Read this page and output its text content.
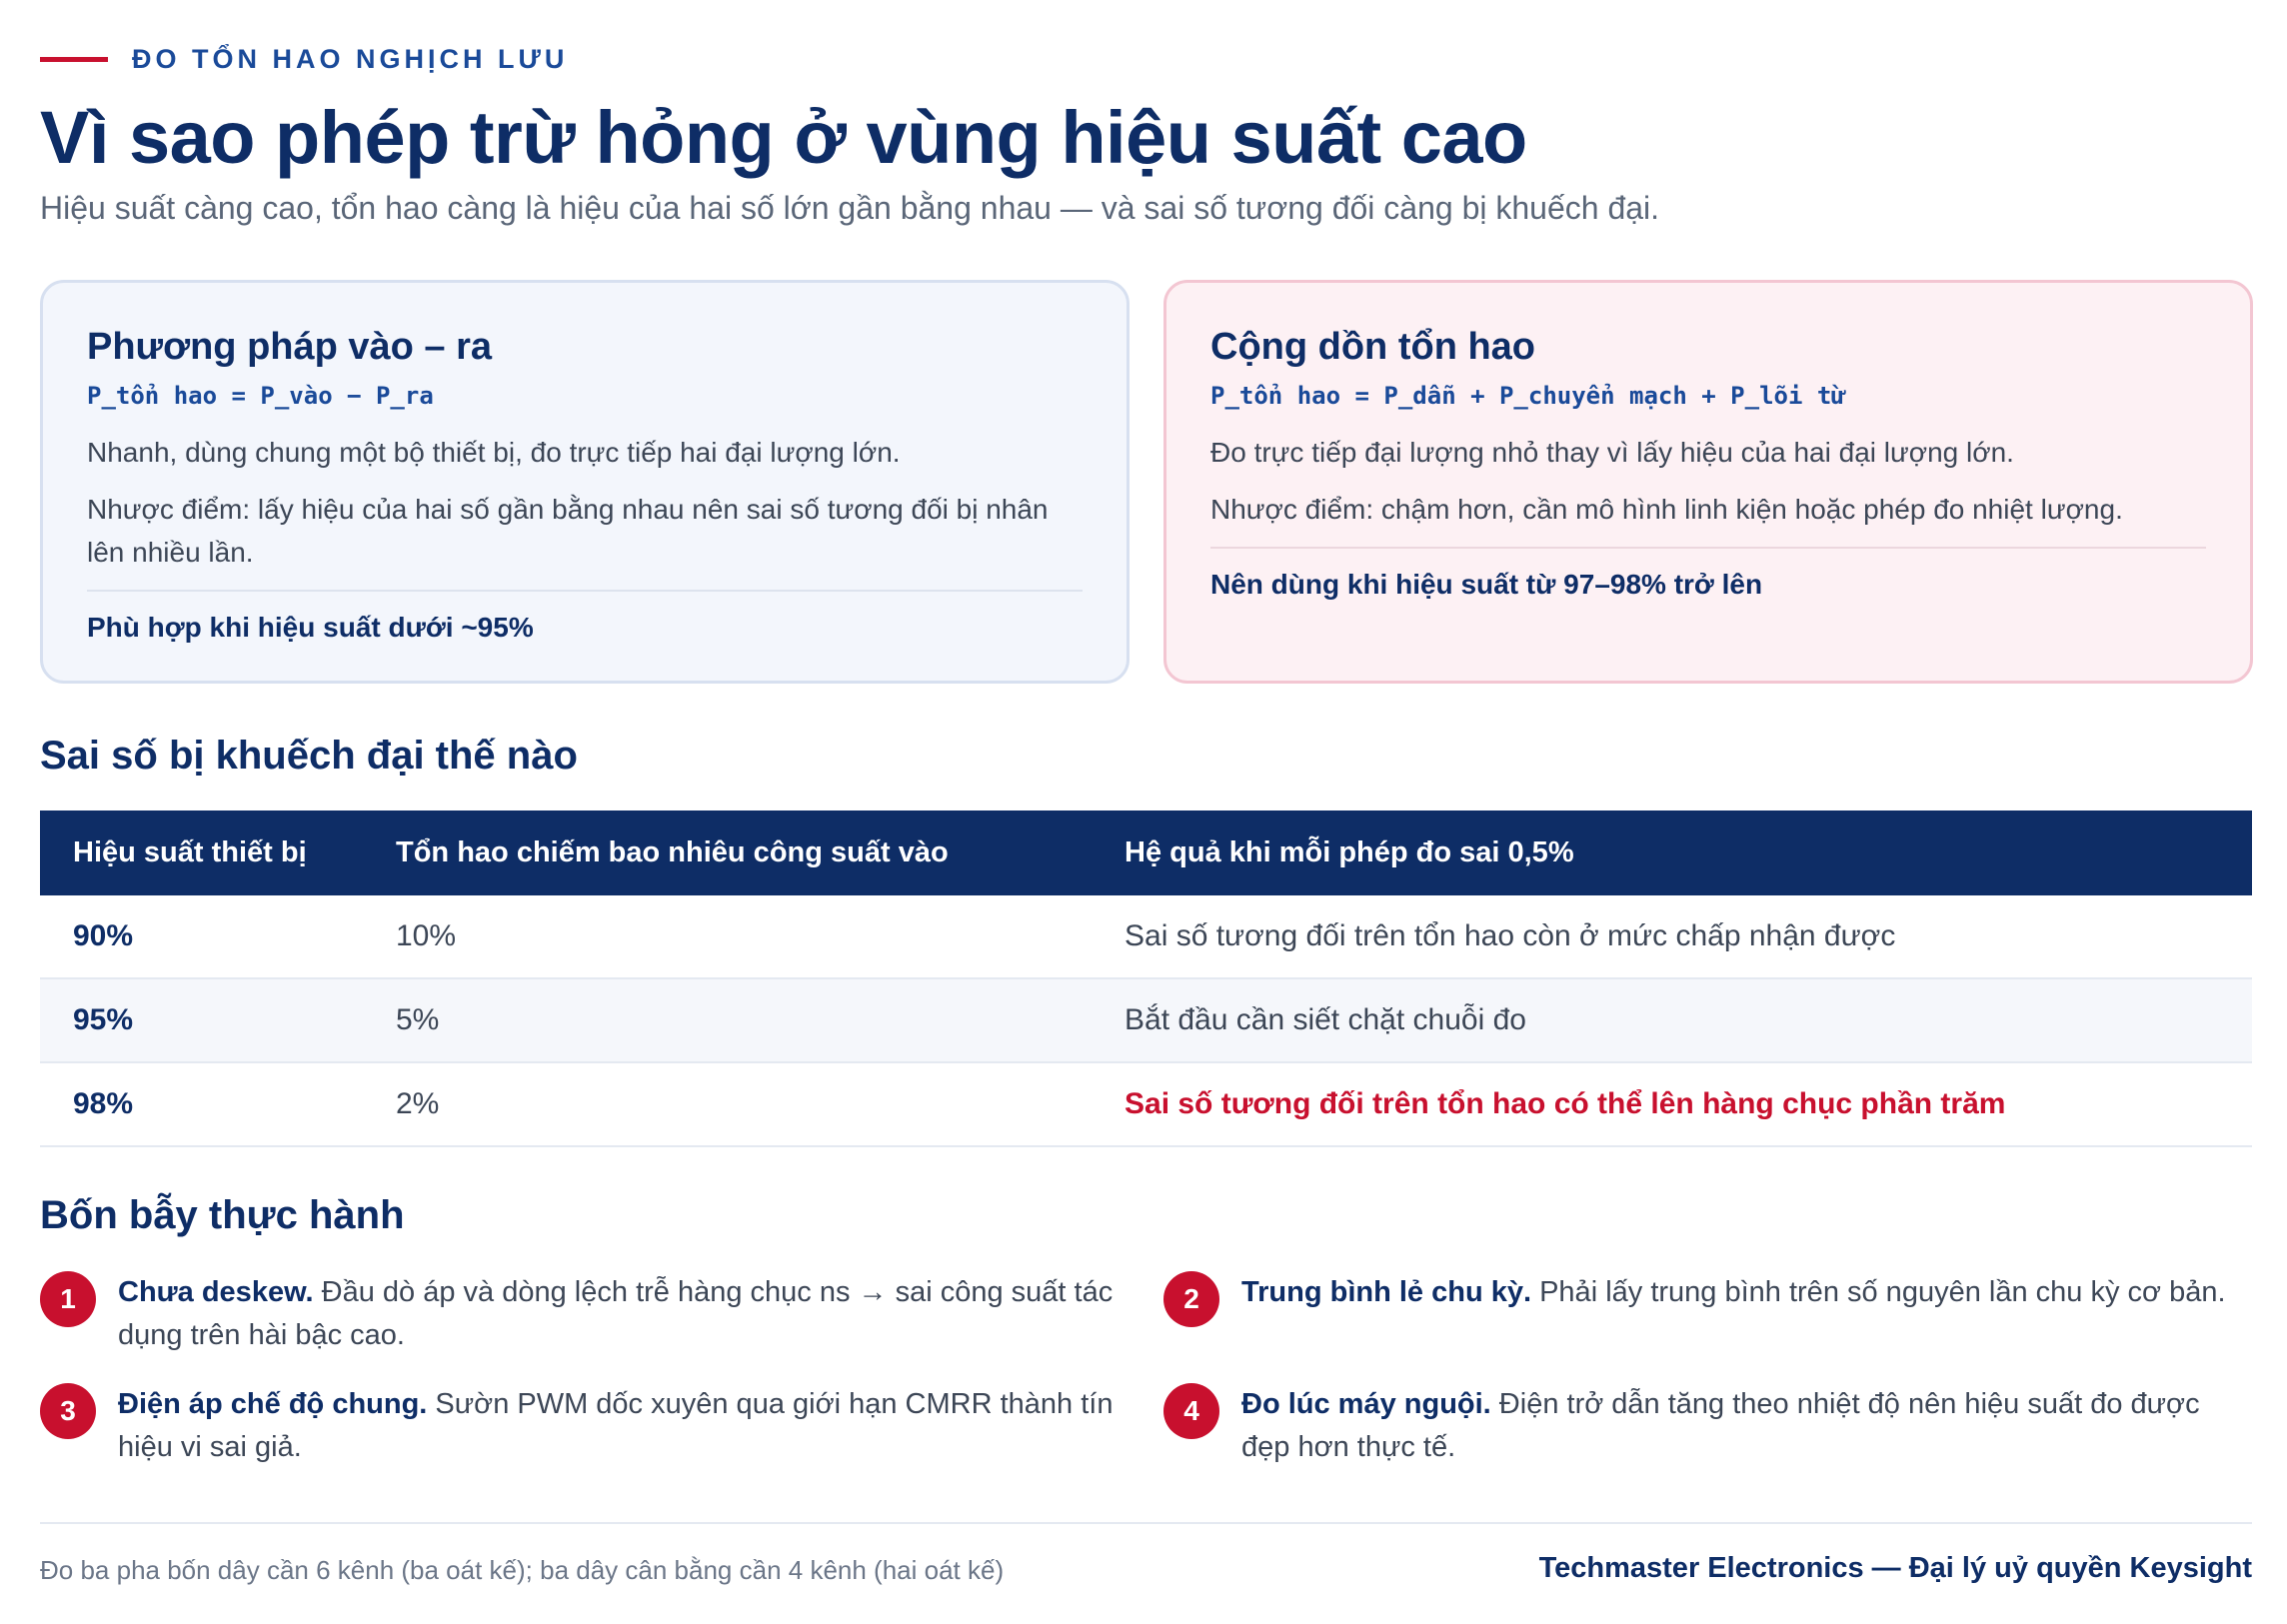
ĐO TỔN HAO NGHỊCH LƯU
Vì sao phép trừ hỏng ở vùng hiệu suất cao
Hiệu suất càng cao, tổn hao càng là hiệu của hai số lớn gần bằng nhau — và sai số tương đối càng bị khuếch đại.
Phương pháp vào – ra
P_tổn hao = P_vào − P_ra

Nhanh, dùng chung một bộ thiết bị, đo trực tiếp hai đại lượng lớn.

Nhược điểm: lấy hiệu của hai số gần bằng nhau nên sai số tương đối bị nhân lên nhiều lần.

Phù hợp khi hiệu suất dưới ~95%
Cộng dồn tổn hao
P_tổn hao = P_dẫn + P_chuyển mạch + P_lõi từ

Đo trực tiếp đại lượng nhỏ thay vì lấy hiệu của hai đại lượng lớn.

Nhược điểm: chậm hơn, cần mô hình linh kiện hoặc phép đo nhiệt lượng.

Nên dùng khi hiệu suất từ 97–98% trở lên
Sai số bị khuếch đại thế nào
Hiệu suất thiết bị	Tổn hao chiếm bao nhiêu công suất vào	Hệ quả khi mỗi phép đo sai 0,5%
90%	10%	Sai số tương đối trên tổn hao còn ở mức chấp nhận được
95%	5%	Bắt đầu cần siết chặt chuỗi đo
98%	2%	Sai số tương đối trên tổn hao có thể lên hàng chục phần trăm
Bốn bẫy thực hành
1	Chưa deskew. Đầu dò áp và dòng lệch trễ hàng chục ns → sai công suất tác dụng trên hài bậc cao.
2	Trung bình lẻ chu kỳ. Phải lấy trung bình trên số nguyên lần chu kỳ cơ bản.
3	Điện áp chế độ chung. Sườn PWM dốc xuyên qua giới hạn CMRR thành tín hiệu vi sai giả.
4	Đo lúc máy nguội. Điện trở dẫn tăng theo nhiệt độ nên hiệu suất đo được đẹp hơn thực tế.
Đo ba pha bốn dây cần 6 kênh (ba oát kế); ba dây cân bằng cần 4 kênh (hai oát kế)	Techmaster Electronics — Đại lý uỷ quyền Keysight
